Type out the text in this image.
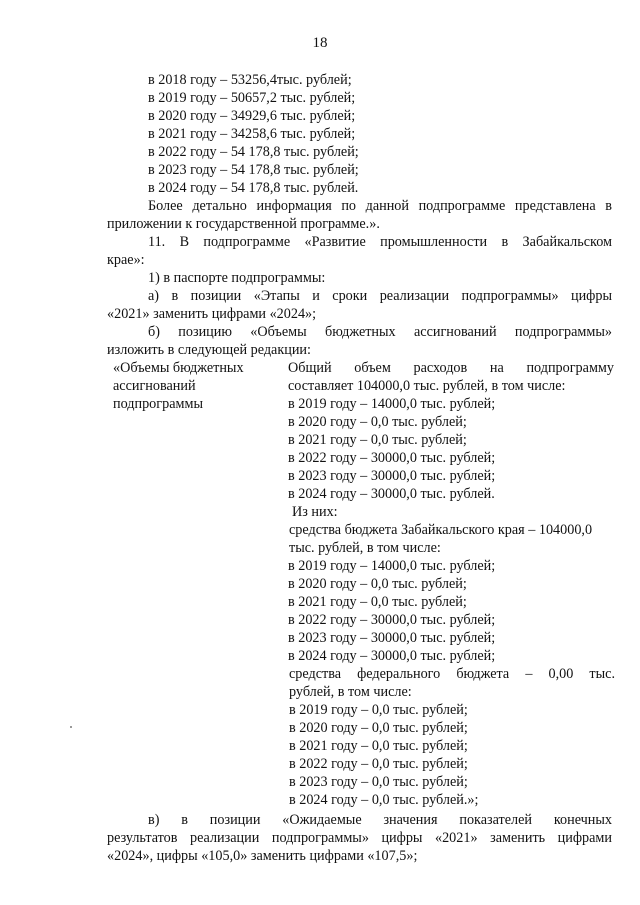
18
в 2018 году – 53256,4тыс. рублей;
в 2019 году – 50657,2 тыс. рублей;
в 2020 году – 34929,6 тыс. рублей;
в 2021 году – 34258,6 тыс. рублей;
в 2022 году – 54 178,8 тыс. рублей;
в 2023 году – 54 178,8 тыс. рублей;
в 2024 году – 54 178,8 тыс. рублей.
Более детально информация по данной подпрограмме представлена в
приложении к государственной программе.».
11. В подпрограмме «Развитие промышленности в Забайкальском
крае»:
1) в паспорте подпрограммы:
а) в позиции «Этапы и сроки реализации подпрограммы» цифры
«2021» заменить цифрами «2024»;
б) позицию «Объемы бюджетных ассигнований подпрограммы»
изложить в следующей редакции:
«Объемы бюджетных
ассигнований
подпрограммы
Общий объем расходов на подпрограмму
составляет 104000,0 тыс. рублей, в том числе:
в 2019 году – 14000,0 тыс. рублей;
в 2020 году – 0,0 тыс. рублей;
в 2021 году – 0,0 тыс. рублей;
в 2022 году – 30000,0 тыс. рублей;
в 2023 году – 30000,0 тыс. рублей;
в 2024 году – 30000,0 тыс. рублей.
Из них:
средства бюджета Забайкальского края – 104000,0
тыс. рублей, в том числе:
в 2019 году – 14000,0 тыс. рублей;
в 2020 году – 0,0 тыс. рублей;
в 2021 году – 0,0 тыс. рублей;
в 2022 году – 30000,0 тыс. рублей;
в 2023 году – 30000,0 тыс. рублей;
в 2024 году – 30000,0 тыс. рублей;
средства федерального бюджета – 0,00 тыс.
рублей, в том числе:
в 2019 году – 0,0 тыс. рублей;
в 2020 году – 0,0 тыс. рублей;
в 2021 году – 0,0 тыс. рублей;
в 2022 году – 0,0 тыс. рублей;
в 2023 году – 0,0 тыс. рублей;
в 2024 году – 0,0 тыс. рублей.»;
в) в позиции «Ожидаемые значения показателей конечных
результатов реализации подпрограммы» цифры «2021» заменить цифрами
«2024», цифры «105,0» заменить цифрами «107,5»;
